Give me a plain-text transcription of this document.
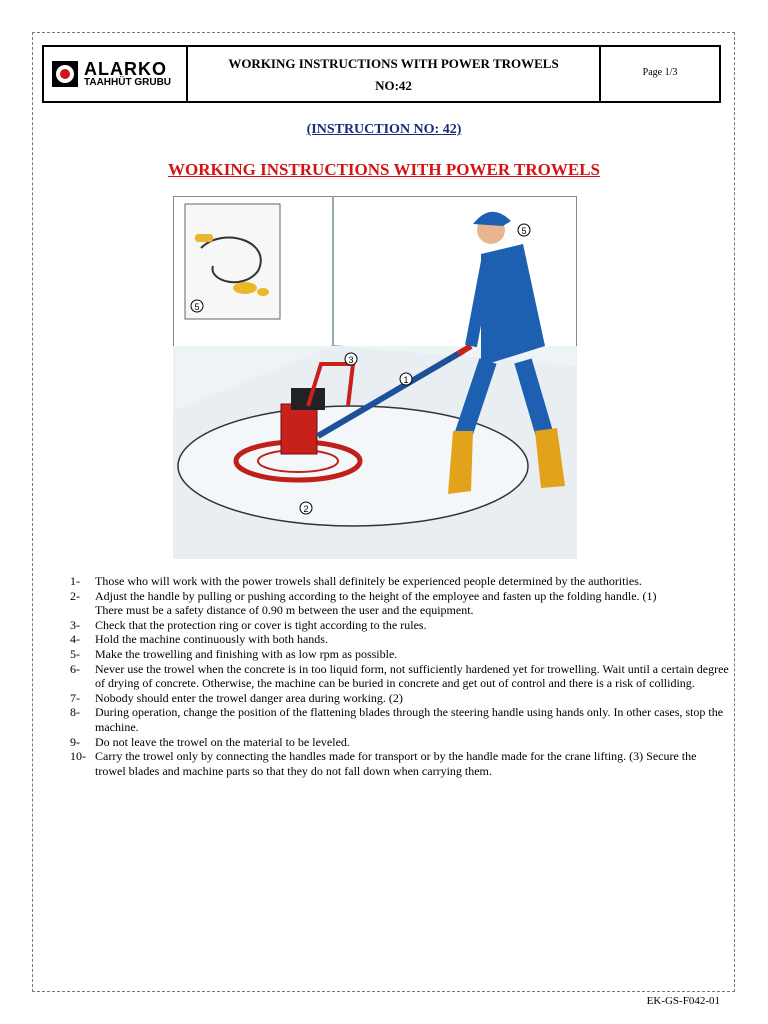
ALARKO
TAAHHÜT GRUBU
WORKING INSTRUCTIONS WITH POWER TROWELS
NO:42
Page 1/3
(INSTRUCTION NO: 42)
WORKING INSTRUCTIONS WITH POWER TROWELS
5
1
2
3
5
1-	Those who will work with the power trowels shall definitely be experienced people determined by the authorities.
2-	Adjust the handle by pulling or pushing according to the height of the employee and fasten up the folding handle. (1)
There must be a safety distance of 0.90 m between the user and the equipment.
3-	Check that the protection ring or cover is tight according to the rules.
4-	Hold the machine continuously with both hands.
5-	Make the trowelling and finishing with as low rpm as possible.
6-	Never use the trowel when the concrete is in too liquid form, not sufficiently hardened yet for trowelling. Wait until a certain degree of drying of concrete. Otherwise, the machine can be buried in concrete and get out of control and there is a risk of colliding.
7-	Nobody should enter the trowel danger area during working. (2)
8-	During operation, change the position of the flattening blades through the steering handle using hands only. In other cases, stop the machine.
9-	Do not leave the trowel on the material to be leveled.
10- Carry the trowel only by connecting the handles made for transport or by the handle made for the crane lifting. (3) Secure the trowel blades and machine parts so that they do not fall down when carrying them.
EK-GS-F042-01
